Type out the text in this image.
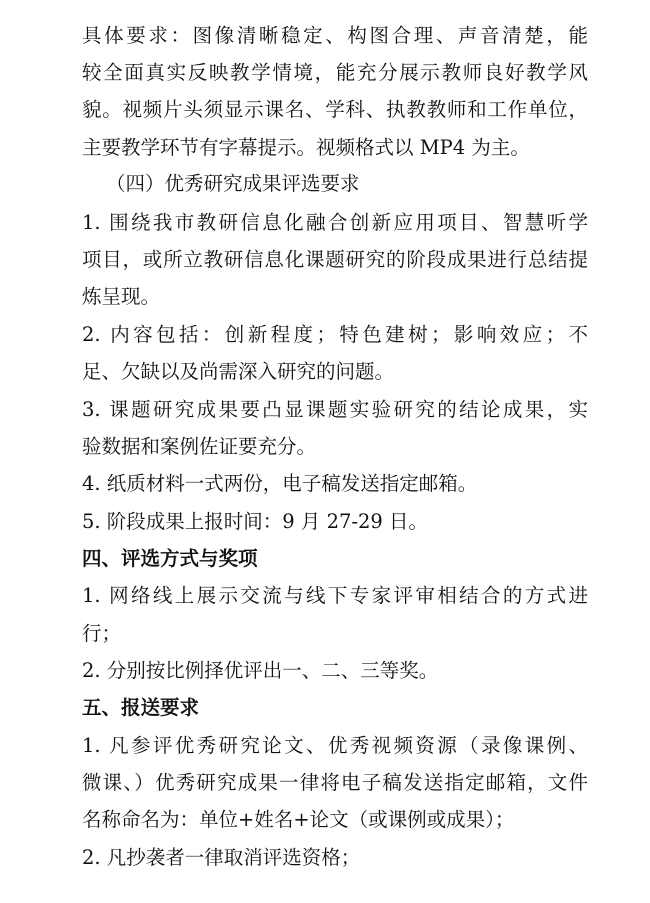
具体要求：图像清晰稳定、构图合理、声音清楚，能
较全面真实反映教学情境，能充分展示教师良好教学风
貌。视频片头须显示课名、学科、执教教师和工作单位，
主要教学环节有字幕提示。视频格式以 MP4 为主。
（四）优秀研究成果评选要求
1. 围绕我市教研信息化融合创新应用项目、智慧听学
项目，或所立教研信息化课题研究的阶段成果进行总结提
炼呈现。
2. 内容包括：创新程度；特色建树；影响效应；不
足、欠缺以及尚需深入研究的问题。
3. 课题研究成果要凸显课题实验研究的结论成果，实
验数据和案例佐证要充分。
4. 纸质材料一式两份，电子稿发送指定邮箱。
5. 阶段成果上报时间：9 月 27-29 日。
四、评选方式与奖项
1. 网络线上展示交流与线下专家评审相结合的方式进
行；
2. 分别按比例择优评出一、二、三等奖。
五、报送要求
1. 凡参评优秀研究论文、优秀视频资源（录像课例、
微课、）优秀研究成果一律将电子稿发送指定邮箱，文件
名称命名为：单位+姓名+论文（或课例或成果）；
2. 凡抄袭者一律取消评选资格；
